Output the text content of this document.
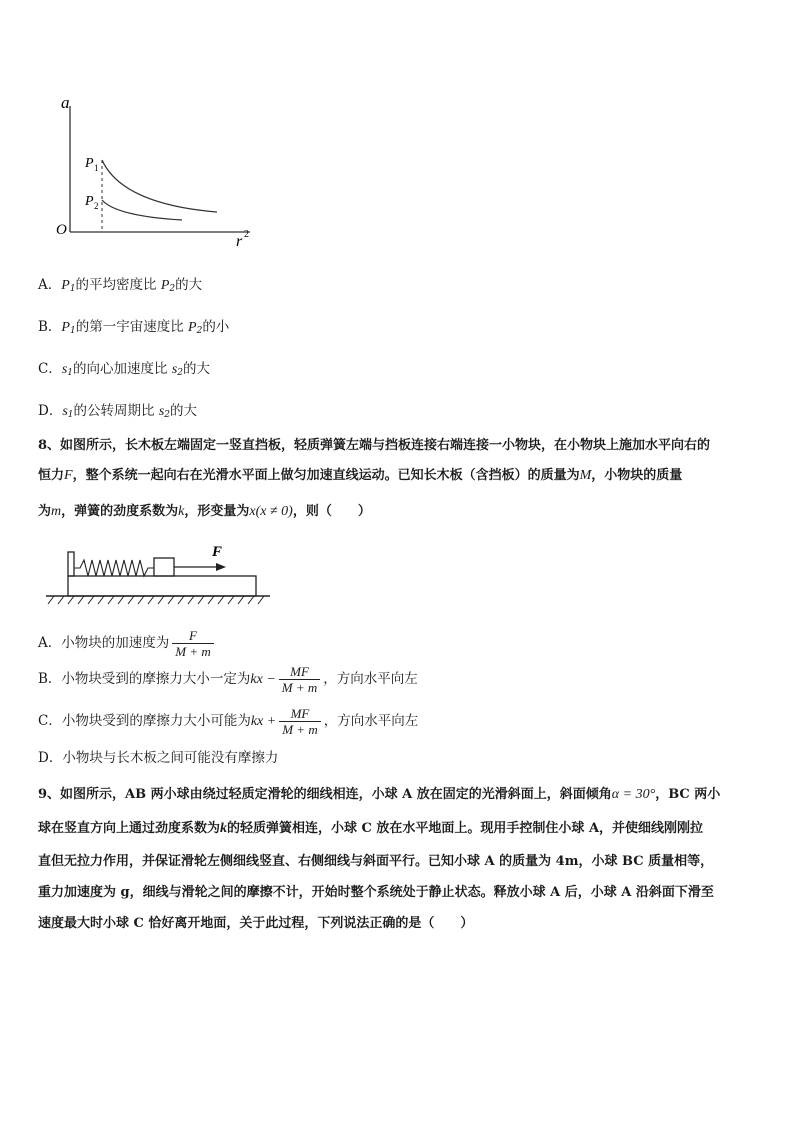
a
O
r 2
P 1
P 2
A．$P_1$的平均密度比 $P_2$的大
B．$P_1$的第一宇宙速度比 $P_2$的小
C．$s_1$的向心加速度比 $s_2$的大
D．$s_1$的公转周期比 $s_2$的大
8、如图所示，长木板左端固定一竖直挡板，轻质弹簧左端与挡板连接右端连接一小物块，在小物块上施加水平向右的
恒力F，整个系统一起向右在光滑水平面上做匀加速直线运动。已知长木板（含挡板）的质量为M，小物块的质量
为m，弹簧的劲度系数为k，形变量为x(x ≠ 0)，则（　　）
F
A．小物块的加速度为 $\frac{F}{M + m}$
B．小物块受到的摩擦力大小一定为kx − $\frac{MF}{M + m}$ ，方向水平向左
C．小物块受到的摩擦力大小可能为kx + $\frac{MF}{M + m}$ ，方向水平向左
D．小物块与长木板之间可能没有摩擦力
9、如图所示，AB 两小球由绕过轻质定滑轮的细线相连，小球 A 放在固定的光滑斜面上，斜面倾角α = 30°，BC 两小
球在竖直方向上通过劲度系数为k的轻质弹簧相连，小球 C 放在水平地面上。现用手控制住小球 A，并使细线刚刚拉
直但无拉力作用，并保证滑轮左侧细线竖直、右侧细线与斜面平行。已知小球 A 的质量为 4m，小球 BC 质量相等，
重力加速度为 g，细线与滑轮之间的摩擦不计，开始时整个系统处于静止状态。释放小球 A 后，小球 A 沿斜面下滑至
速度最大时小球 C 恰好离开地面，关于此过程，下列说法正确的是（　　）
